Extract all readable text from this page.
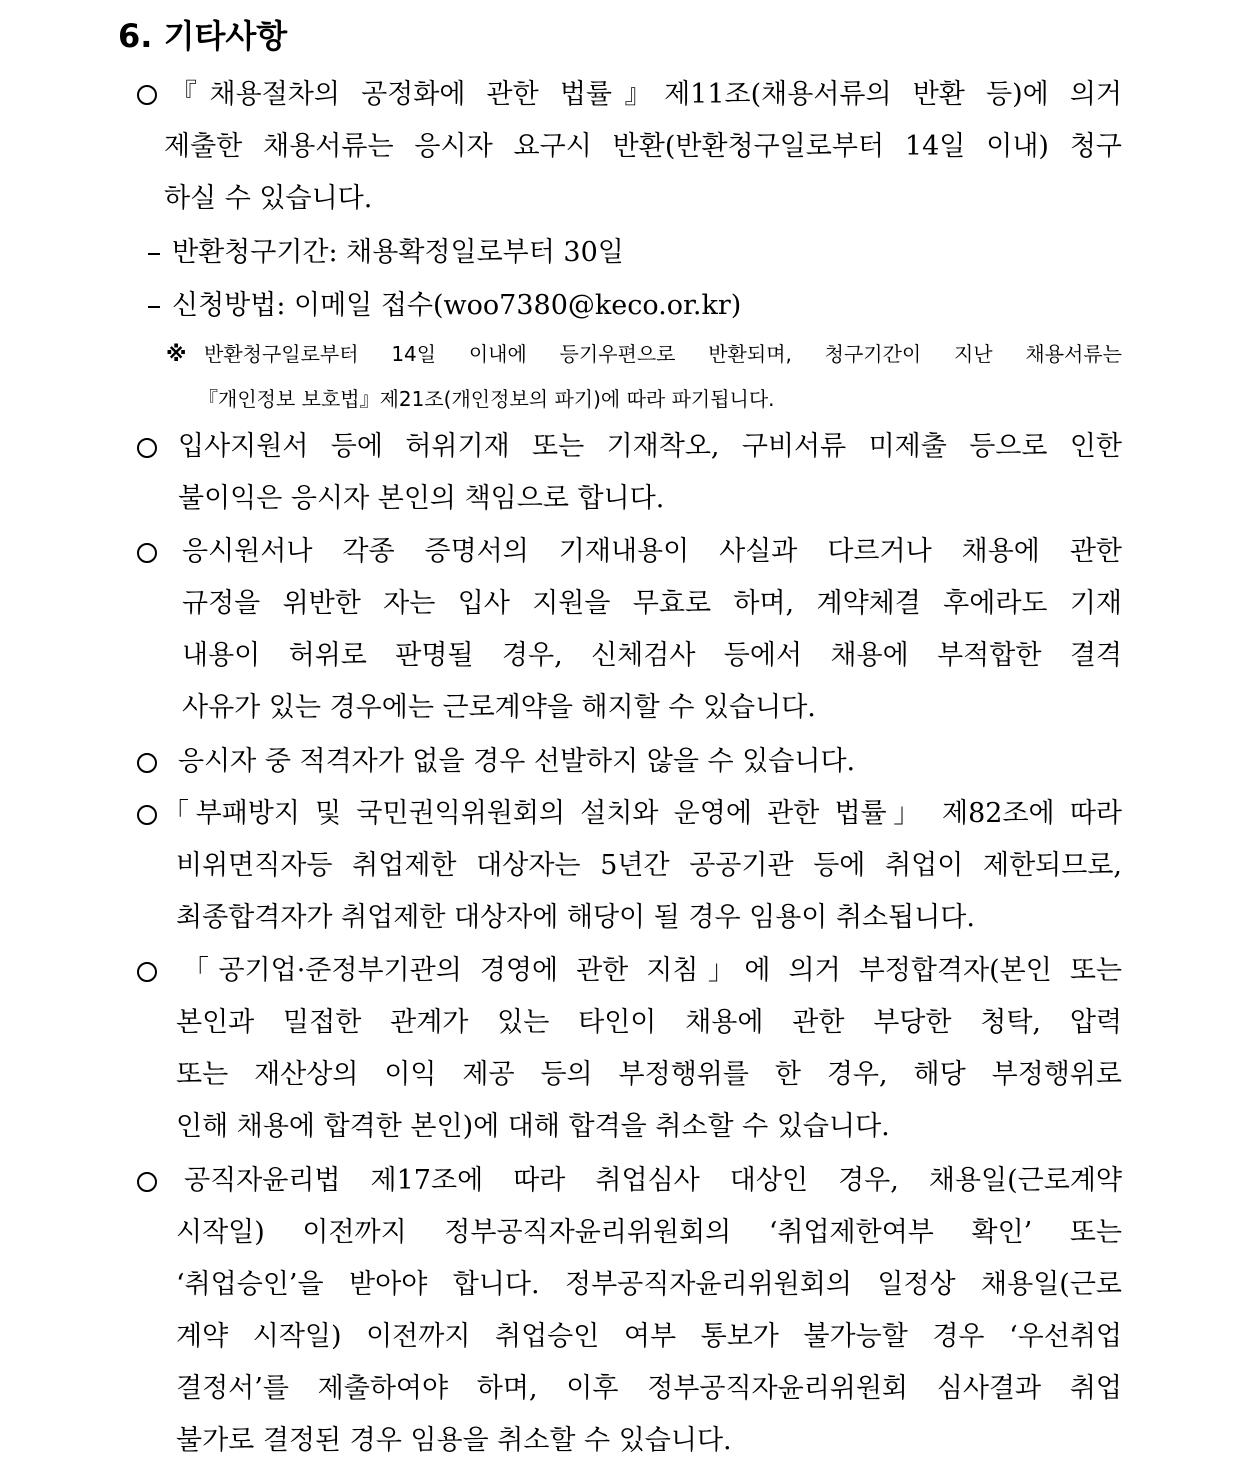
6. 기타사항
『채용절차의 공정화에 관한 법률』제11조(채용서류의 반환 등)에 의거
제출한 채용서류는 응시자 요구시 반환(반환청구일로부터 14일 이내) 청구
하실 수 있습니다.
반환청구기간: 채용확정일로부터 30일
신청방법: 이메일 접수(woo7380@keco.or.kr)
※ 반환청구일로부터 14일 이내에 등기우편으로 반환되며, 청구기간이 지난 채용서류는
『개인정보 보호법』제21조(개인정보의 파기)에 따라 파기됩니다.
입사지원서 등에 허위기재 또는 기재착오, 구비서류 미제출 등으로 인한
불이익은 응시자 본인의 책임으로 합니다.
응시원서나 각종 증명서의 기재내용이 사실과 다르거나 채용에 관한
규정을 위반한 자는 입사 지원을 무효로 하며, 계약체결 후에라도 기재
내용이 허위로 판명될 경우, 신체검사 등에서 채용에 부적합한 결격
사유가 있는 경우에는 근로계약을 해지할 수 있습니다.
응시자 중 적격자가 없을 경우 선발하지 않을 수 있습니다.
「부패방지 및 국민권익위원회의 설치와 운영에 관한 법률」 제82조에 따라
비위면직자등 취업제한 대상자는 5년간 공공기관 등에 취업이 제한되므로,
최종합격자가 취업제한 대상자에 해당이 될 경우 임용이 취소됩니다.
「공기업·준정부기관의 경영에 관한 지침」에 의거 부정합격자(본인 또는
본인과 밀접한 관계가 있는 타인이 채용에 관한 부당한 청탁, 압력
또는 재산상의 이익 제공 등의 부정행위를 한 경우, 해당 부정행위로
인해 채용에 합격한 본인)에 대해 합격을 취소할 수 있습니다.
공직자윤리법 제17조에 따라 취업심사 대상인 경우, 채용일(근로계약
시작일) 이전까지 정부공직자윤리위원회의 ‘취업제한여부 확인’ 또는
‘취업승인’을 받아야 합니다. 정부공직자윤리위원회의 일정상 채용일(근로
계약 시작일) 이전까지 취업승인 여부 통보가 불가능할 경우 ‘우선취업
결정서’를 제출하여야 하며, 이후 정부공직자윤리위원회 심사결과 취업
불가로 결정된 경우 임용을 취소할 수 있습니다.
